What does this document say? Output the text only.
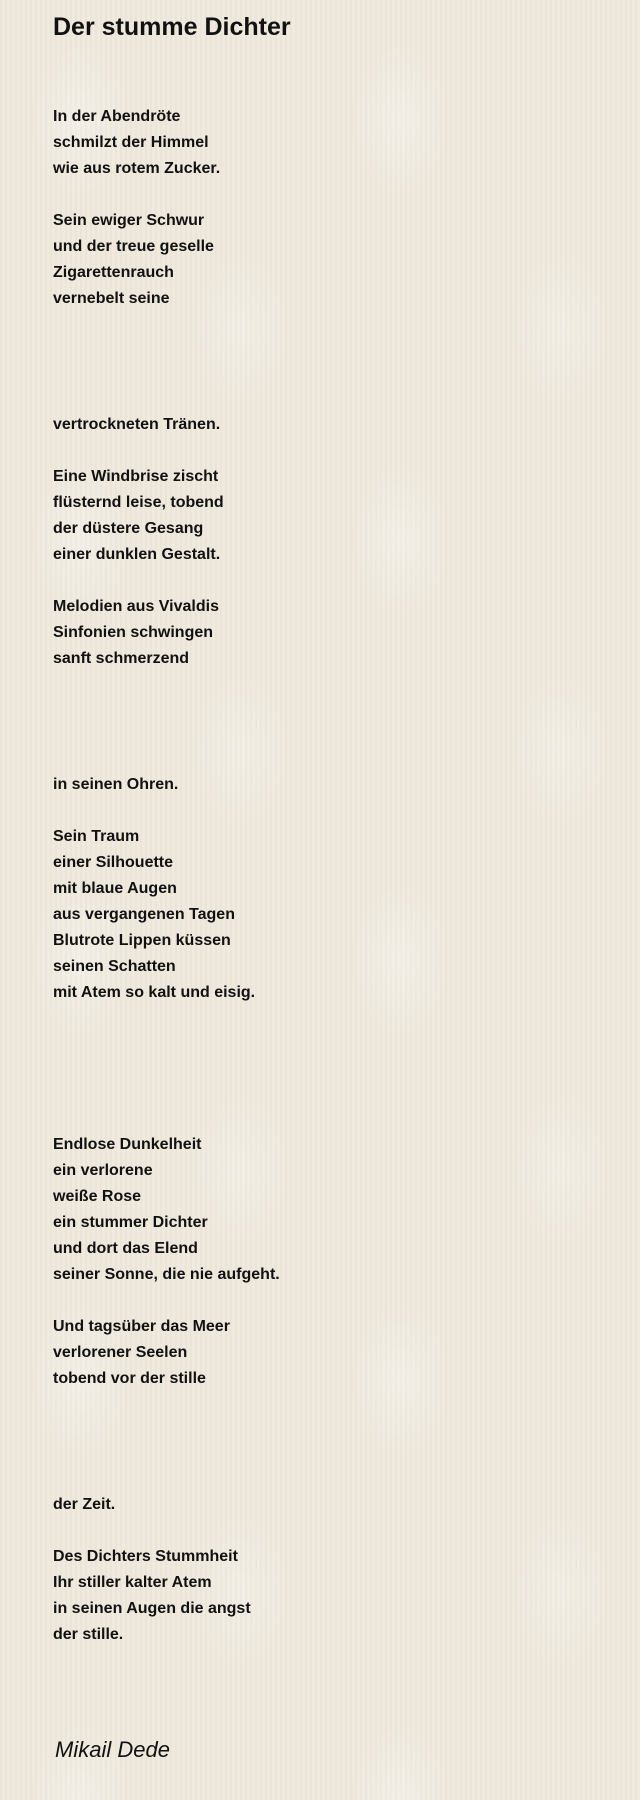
Der stumme Dichter

In der Abendröte
schmilzt der Himmel
wie aus rotem Zucker.

Sein ewiger Schwur
und der treue geselle
Zigarettenrauch
vernebelt seine

vertrockneten Tränen.

Eine Windbrise zischt
flüsternd leise, tobend
der düstere Gesang
einer dunklen Gestalt.

Melodien aus Vivaldis
Sinfonien schwingen
sanft schmerzend

in seinen Ohren.

Sein Traum
einer Silhouette
mit blaue Augen
aus vergangenen Tagen
Blutrote Lippen küssen
seinen Schatten
mit Atem so kalt und eisig.

Endlose Dunkelheit
ein verlorene
weiße Rose
ein stummer Dichter
und dort das Elend
seiner Sonne, die nie aufgeht.

Und tagsüber das Meer
verlorener Seelen
tobend vor der stille

der Zeit.

Des Dichters Stummheit
Ihr stiller kalter Atem
in seinen Augen die angst
der stille.

Mikail Dede
